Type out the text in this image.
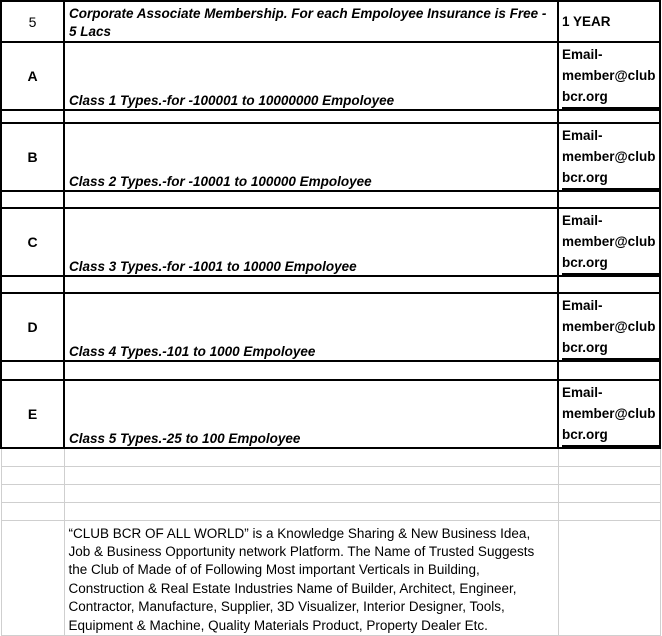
5	Corporate Associate Membership. For each Empoloyee Insurance is Free - 5 Lacs	1 YEAR
A	Class 1 Types.-for -100001 to 10000000 Empoloyee	Email-
member@club
bcr.org

B	Class 2 Types.-for -10001 to 100000 Empoloyee	Email-
member@club
bcr.org

C	Class 3 Types.-for -1001 to 10000 Empoloyee	Email-
member@club
bcr.org

D	Class 4 Types.-101 to 1000 Empoloyee	Email-
member@club
bcr.org

E	Class 5 Types.-25 to 100 Empoloyee	Email-
member@club
bcr.org

	“CLUB BCR OF ALL WORLD” is a Knowledge Sharing & New Business Idea, Job & Business Opportunity network Platform. The Name of Trusted Suggests the Club of Made of of Following Most important Verticals in Building, Construction & Real Estate Industries Name of Builder, Architect, Engineer, Contractor, Manufacture, Supplier, 3D Visualizer, Interior Designer, Tools, Equipment & Machine, Quality Materials Product, Property Dealer Etc.	
